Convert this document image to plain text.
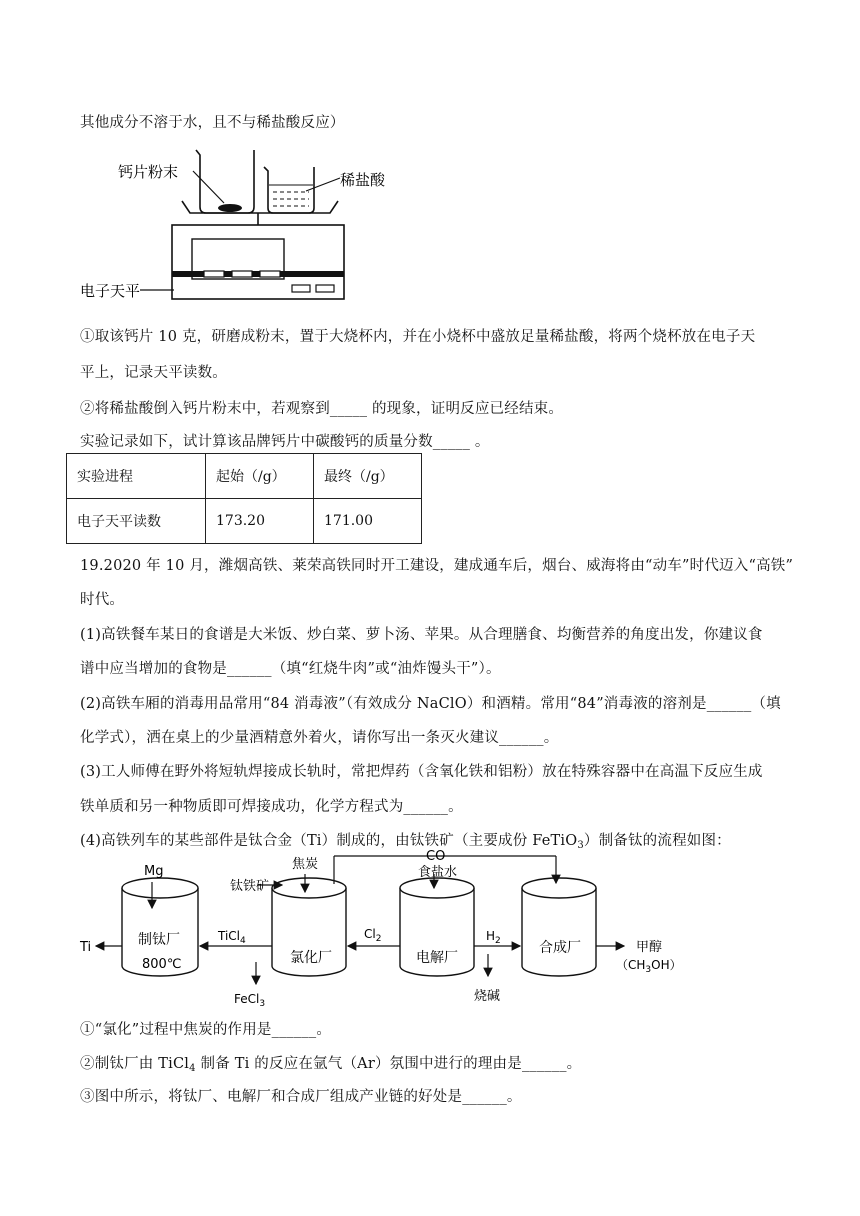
其他成分不溶于水，且不与稀盐酸反应）
钙片粉末	稀盐酸
电子天平
①取该钙片 10 克，研磨成粉末，置于大烧杯内，并在小烧杯中盛放足量稀盐酸，将两个烧杯放在电子天
平上，记录天平读数。
②将稀盐酸倒入钙片粉末中，若观察到_____ 的现象，证明反应已经结束。
实验记录如下，试计算该品牌钙片中碳酸钙的质量分数_____ 。
实验进程	起始（/g）	最终（/g）
电子天平读数	173.20	171.00
19.2020 年 10 月，潍烟高铁、莱荣高铁同时开工建设，建成通车后，烟台、威海将由“动车”时代迈入“高铁”
时代。
(1)高铁餐车某日的食谱是大米饭、炒白菜、萝卜汤、苹果。从合理膳食、均衡营养的角度出发，你建议食
谱中应当增加的食物是______（填“红烧牛肉”或“油炸馒头干”）。
(2)高铁车厢的消毒用品常用“84 消毒液”（有效成分 NaClO）和酒精。常用“84”消毒液的溶剂是______（填
化学式），洒在桌上的少量酒精意外着火，请你写出一条灭火建议______。
(3)工人师傅在野外将短轨焊接成长轨时，常把焊药（含氧化铁和铝粉）放在特殊容器中在高温下反应生成
铁单质和另一种物质即可焊接成功，化学方程式为______。
(4)高铁列车的某些部件是钛合金（Ti）制成的，由钛铁矿（主要成份 FeTiO$_3$）制备钛的流程如图：
Mg
Ti	制钛厂
800℃
TiCl$_4$
钛铁矿
焦炭
氯化厂
FeCl$_3$
$Cl_2$
CO
食盐水
电解厂
烧碱
$H_2$	合成厂	甲醇
$(CH_3OH)$
①“氯化”过程中焦炭的作用是______。
②制钛厂由 TiCl$_4$ 制备 Ti 的反应在氩气（Ar）氛围中进行的理由是______。
③图中所示，将钛厂、电解厂和合成厂组成产业链的好处是______。
